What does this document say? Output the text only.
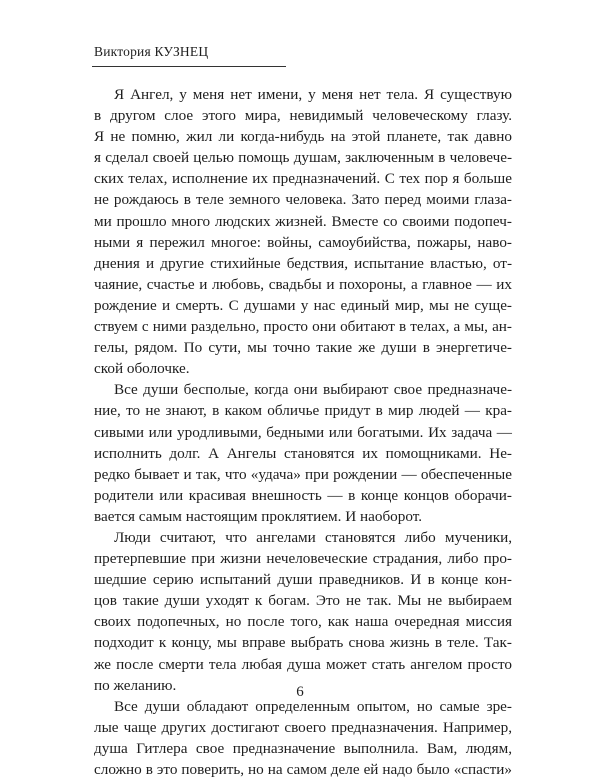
Виктория КУЗНЕЦ
Я Ангел, у меня нет имени, у меня нет тела. Я существую
в другом слое этого мира, невидимый человеческому глазу.
Я не помню, жил ли когда-нибудь на этой планете, так давно
я сделал своей целью помощь душам, заключенным в человече-
ских телах, исполнение их предназначений. С тех пор я больше
не рождаюсь в теле земного человека. Зато перед моими глаза-
ми прошло много людских жизней. Вместе со своими подопеч-
ными я пережил многое: войны, самоубийства, пожары, наво-
днения и другие стихийные бедствия, испытание властью, от-
чаяние, счастье и любовь, свадьбы и похороны, а главное — их
рождение и смерть. С душами у нас единый мир, мы не суще-
ствуем с ними раздельно, просто они обитают в телах, а мы, ан-
гелы, рядом. По сути, мы точно такие же души в энергетиче-
ской оболочке.
Все души бесполые, когда они выбирают свое предназначе-
ние, то не знают, в каком обличье придут в мир людей — кра-
сивыми или уродливыми, бедными или богатыми. Их задача —
исполнить долг. А Ангелы становятся их помощниками. Не-
редко бывает и так, что «удача» при рождении — обеспеченные
родители или красивая внешность — в конце концов оборачи-
вается самым настоящим проклятием. И наоборот.
Люди считают, что ангелами становятся либо мученики,
претерпевшие при жизни нечеловеческие страдания, либо про-
шедшие серию испытаний души праведников. И в конце кон-
цов такие души уходят к богам. Это не так. Мы не выбираем
своих подопечных, но после того, как наша очередная миссия
подходит к концу, мы вправе выбрать снова жизнь в теле. Так-
же после смерти тела любая душа может стать ангелом просто
по желанию.
Все души обладают определенным опытом, но самые зре-
лые чаще других достигают своего предназначения. Например,
душа Гитлера свое предназначение выполнила. Вам, людям,
сложно в это поверить, но на самом деле ей надо было «спасти»
6
